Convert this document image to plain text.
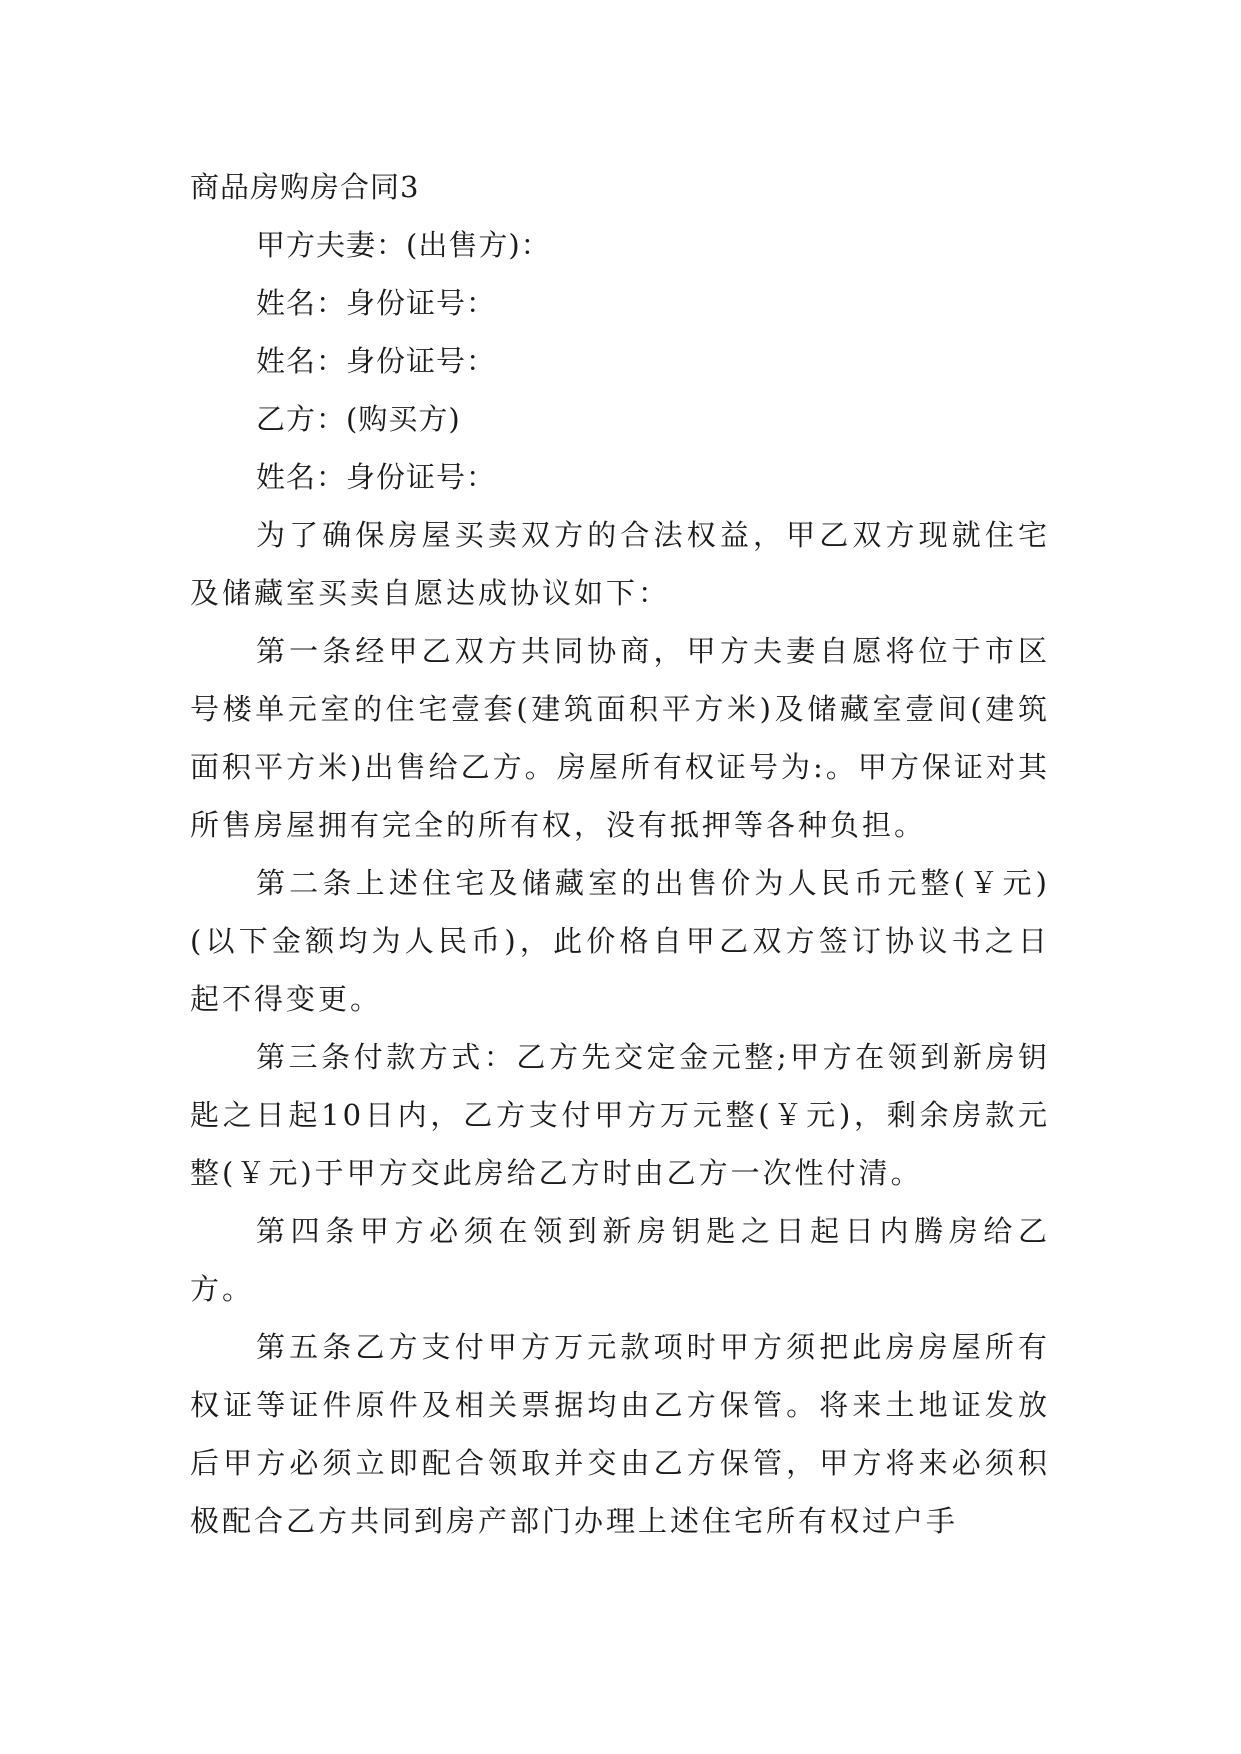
商品房购房合同3
甲方夫妻：(出售方)：
姓名：身份证号：
姓名：身份证号：
乙方：(购买方)
姓名：身份证号：

为了确保房屋买卖双方的合法权益，甲乙双方现就住宅及储藏室买卖自愿达成协议如下：

第一条经甲乙双方共同协商，甲方夫妻自愿将位于市区号楼单元室的住宅壹套(建筑面积平方米)及储藏室壹间(建筑面积平方米)出售给乙方。房屋所有权证号为:。甲方保证对其所售房屋拥有完全的所有权，没有抵押等各种负担。

第二条上述住宅及储藏室的出售价为人民币元整(￥元)(以下金额均为人民币)，此价格自甲乙双方签订协议书之日起不得变更。

第三条付款方式：乙方先交定金元整;甲方在领到新房钥匙之日起10日内，乙方支付甲方万元整(￥元)，剩余房款元整(￥元)于甲方交此房给乙方时由乙方一次性付清。

第四条甲方必须在领到新房钥匙之日起日内腾房给乙方。

第五条乙方支付甲方万元款项时甲方须把此房房屋所有权证等证件原件及相关票据均由乙方保管。将来土地证发放后甲方必须立即配合领取并交由乙方保管，甲方将来必须积极配合乙方共同到房产部门办理上述住宅所有权过户手
